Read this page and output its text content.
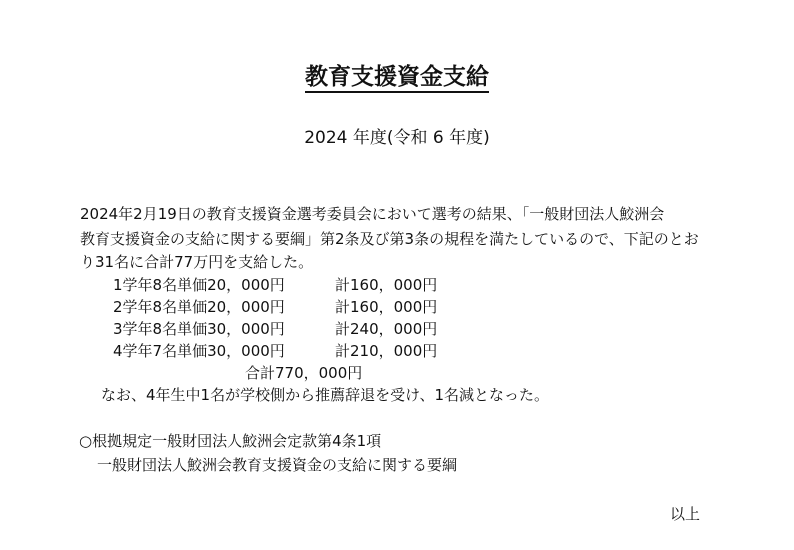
教育支援資金支給
2024 年度(令和 6 年度)
2024年2月19日の教育支援資金選考委員会において選考の結果、「一般財団法人鮫洲会
教育支援資金の支給に関する要綱」第2条及び第3条の規程を満たしているので、下記のとお
り31名に合計77万円を支給した。
1学年8名単価20，000円	計160，000円
2学年8名単価20，000円	計160，000円
3学年8名単価30，000円	計240，000円
4学年7名単価30，000円	計210，000円
合計770，000円
なお、4年生中1名が学校側から推薦辞退を受け、1名減となった。
○根拠規定一般財団法人鮫洲会定款第4条1項
一般財団法人鮫洲会教育支援資金の支給に関する要綱
以上
